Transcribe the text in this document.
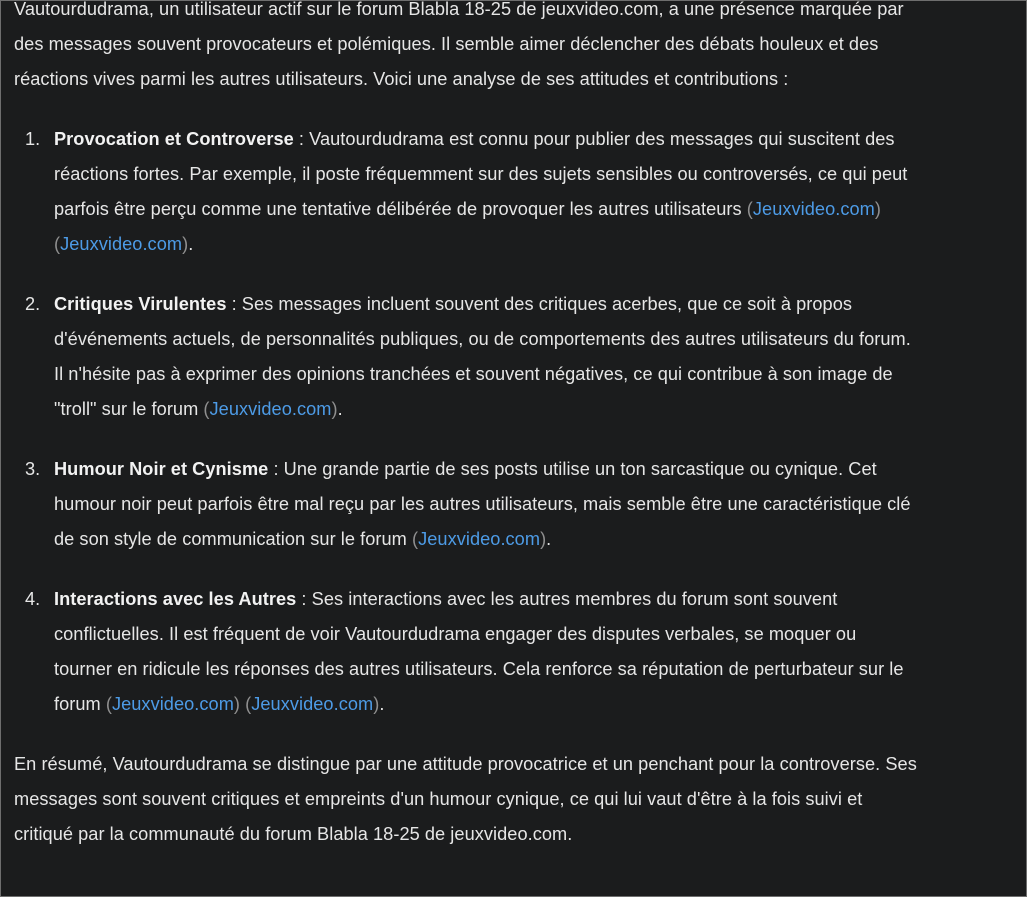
Vautourdudrama, un utilisateur actif sur le forum Blabla 18-25 de jeuxvideo.com, a une présence marquée par des messages souvent provocateurs et polémiques. Il semble aimer déclencher des débats houleux et des réactions vives parmi les autres utilisateurs. Voici une analyse de ses attitudes et contributions :

1. Provocation et Controverse : Vautourdudrama est connu pour publier des messages qui suscitent des réactions fortes. Par exemple, il poste fréquemment sur des sujets sensibles ou controversés, ce qui peut parfois être perçu comme une tentative délibérée de provoquer les autres utilisateurs (Jeuxvideo.com) (Jeuxvideo.com).
2. Critiques Virulentes : Ses messages incluent souvent des critiques acerbes, que ce soit à propos d'événements actuels, de personnalités publiques, ou de comportements des autres utilisateurs du forum. Il n'hésite pas à exprimer des opinions tranchées et souvent négatives, ce qui contribue à son image de "troll" sur le forum (Jeuxvideo.com).
3. Humour Noir et Cynisme : Une grande partie de ses posts utilise un ton sarcastique ou cynique. Cet humour noir peut parfois être mal reçu par les autres utilisateurs, mais semble être une caractéristique clé de son style de communication sur le forum (Jeuxvideo.com).
4. Interactions avec les Autres : Ses interactions avec les autres membres du forum sont souvent conflictuelles. Il est fréquent de voir Vautourdudrama engager des disputes verbales, se moquer ou tourner en ridicule les réponses des autres utilisateurs. Cela renforce sa réputation de perturbateur sur le forum (Jeuxvideo.com) (Jeuxvideo.com).

En résumé, Vautourdudrama se distingue par une attitude provocatrice et un penchant pour la controverse. Ses messages sont souvent critiques et empreints d'un humour cynique, ce qui lui vaut d'être à la fois suivi et critiqué par la communauté du forum Blabla 18-25 de jeuxvideo.com.
